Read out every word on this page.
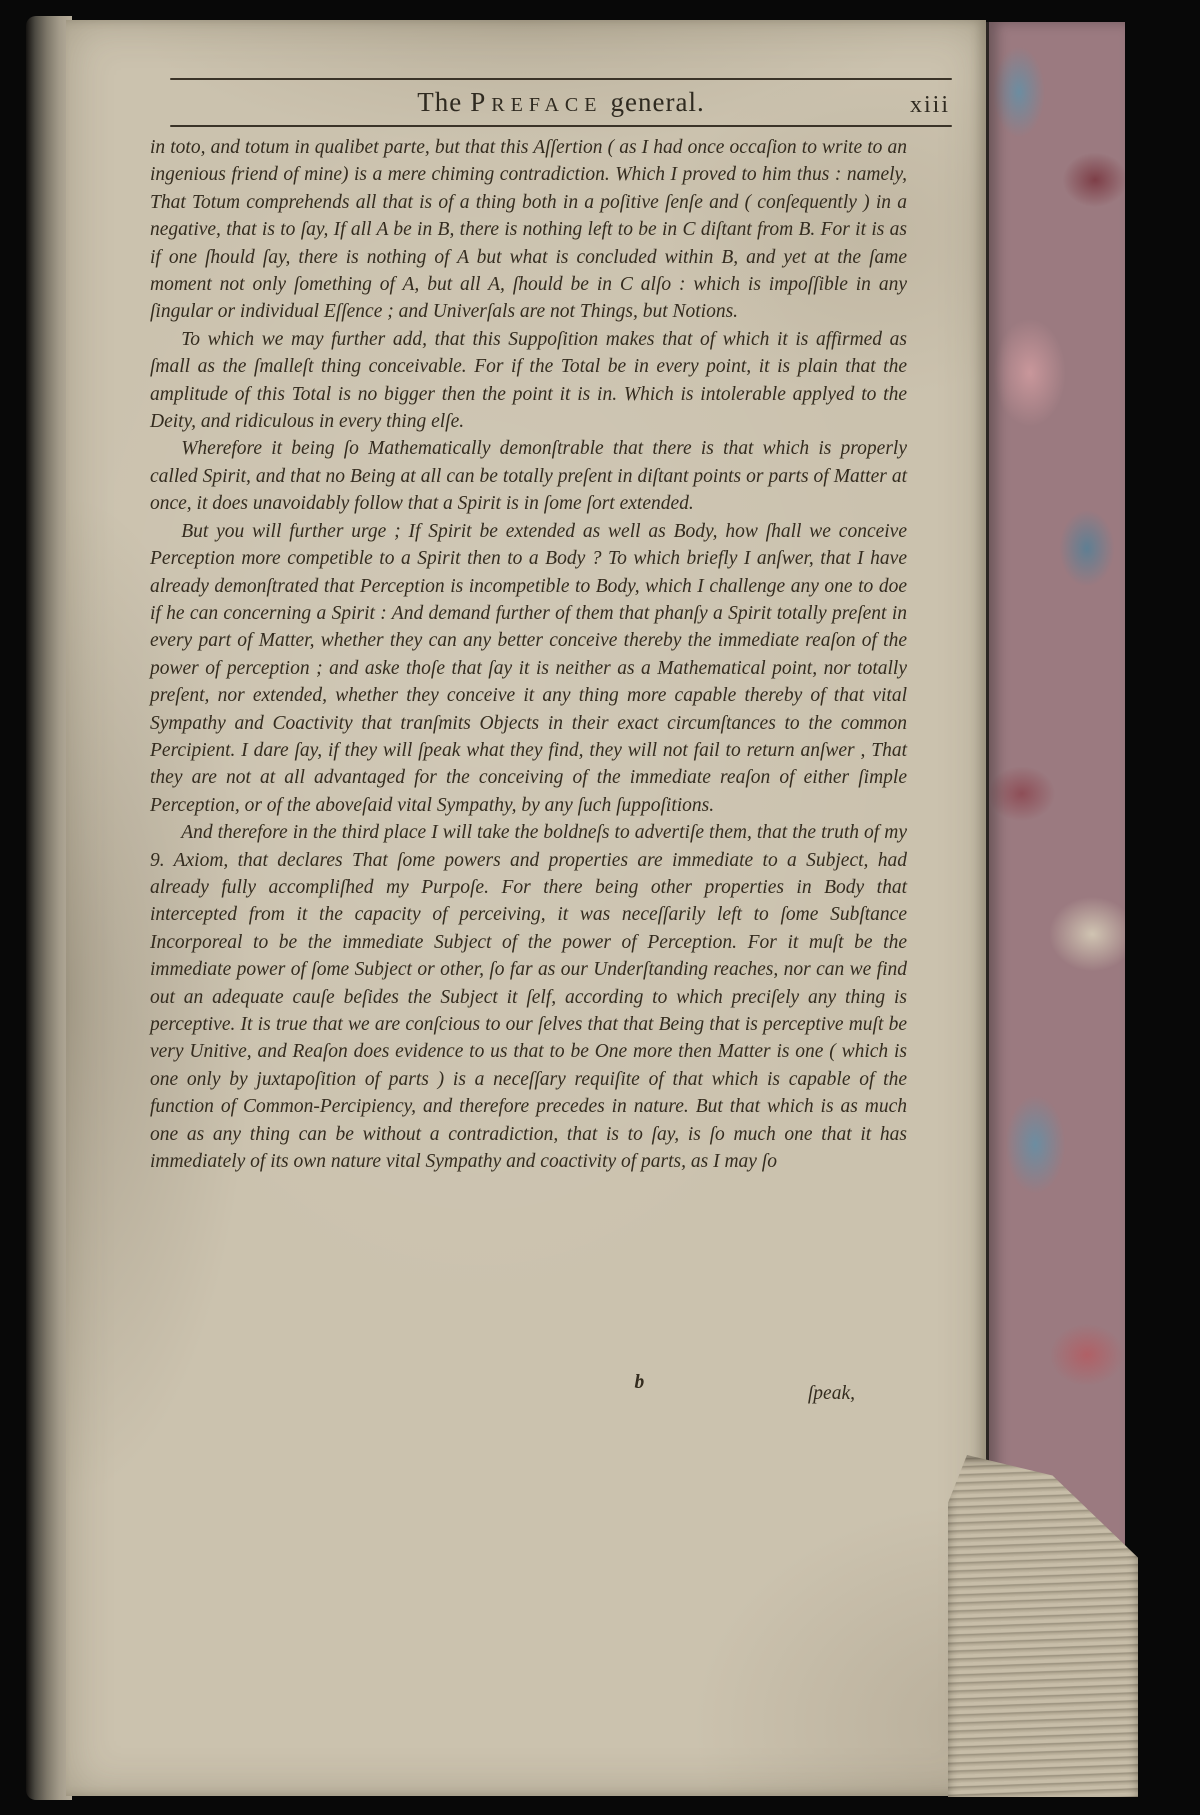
The PREFACE general.	xiii

in toto, and totum in qualibet parte, but that this Aſſertion ( as I had once occaſion to write to an ingenious friend of mine) is a mere chiming contradiction. Which I proved to him thus : namely, That Totum comprehends all that is of a thing both in a poſitive ſenſe and ( conſequently ) in a negative, that is to ſay, If all A be in B, there is nothing left to be in C diſtant from B. For it is as if one ſhould ſay, there is nothing of A but what is concluded within B, and yet at the ſame moment not only ſomething of A, but all A, ſhould be in C alſo : which is impoſſible in any ſingular or individual Eſſence ; and Univerſals are not Things, but Notions.

To which we may further add, that this Suppoſition makes that of which it is affirmed as ſmall as the ſmalleſt thing conceivable. For if the Total be in every point, it is plain that the amplitude of this Total is no bigger then the point it is in. Which is intolerable applyed to the Deity, and ridiculous in every thing elſe.

Wherefore it being ſo Mathematically demonſtrable that there is that which is properly called Spirit, and that no Being at all can be totally preſent in diſtant points or parts of Matter at once, it does unavoidably follow that a Spirit is in ſome ſort extended.

But you will further urge ; If Spirit be extended as well as Body, how ſhall we conceive Perception more competible to a Spirit then to a Body ? To which briefly I anſwer, that I have already demonſtrated that Perception is incompetible to Body, which I challenge any one to doe if he can concerning a Spirit : And demand further of them that phanſy a Spirit totally preſent in every part of Matter, whether they can any better conceive thereby the immediate reaſon of the power of perception ; and aske thoſe that ſay it is neither as a Mathematical point, nor totally preſent, nor extended, whether they conceive it any thing more capable thereby of that vital Sympathy and Coactivity that tranſmits Objects in their exact circumſtances to the common Percipient. I dare ſay, if they will ſpeak what they find, they will not fail to return anſwer , That they are not at all advantaged for the conceiving of the immediate reaſon of either ſimple Perception, or of the aboveſaid vital Sympathy, by any ſuch ſuppoſitions.

And therefore in the third place I will take the boldneſs to advertiſe them, that the truth of my 9. Axiom, that declares That ſome powers and properties are immediate to a Subject, had already fully accompliſhed my Purpoſe. For there being other properties in Body that intercepted from it the capacity of perceiving, it was neceſſarily left to ſome Subſtance Incorporeal to be the immediate Subject of the power of Perception. For it muſt be the immediate power of ſome Subject or other, ſo far as our Underſtanding reaches, nor can we find out an adequate cauſe beſides the Subject it ſelf, according to which preciſely any thing is perceptive. It is true that we are conſcious to our ſelves that that Being that is perceptive muſt be very Unitive, and Reaſon does evidence to us that to be One more then Matter is one ( which is one only by juxtapoſition of parts ) is a neceſſary requiſite of that which is capable of the function of Common-Percipiency, and therefore precedes in nature. But that which is as much one as any thing can be without a contradiction, that is to ſay, is ſo much one that it has immediately of its own nature vital Sympathy and coactivity of parts, as I may ſo

b
ſpeak,
